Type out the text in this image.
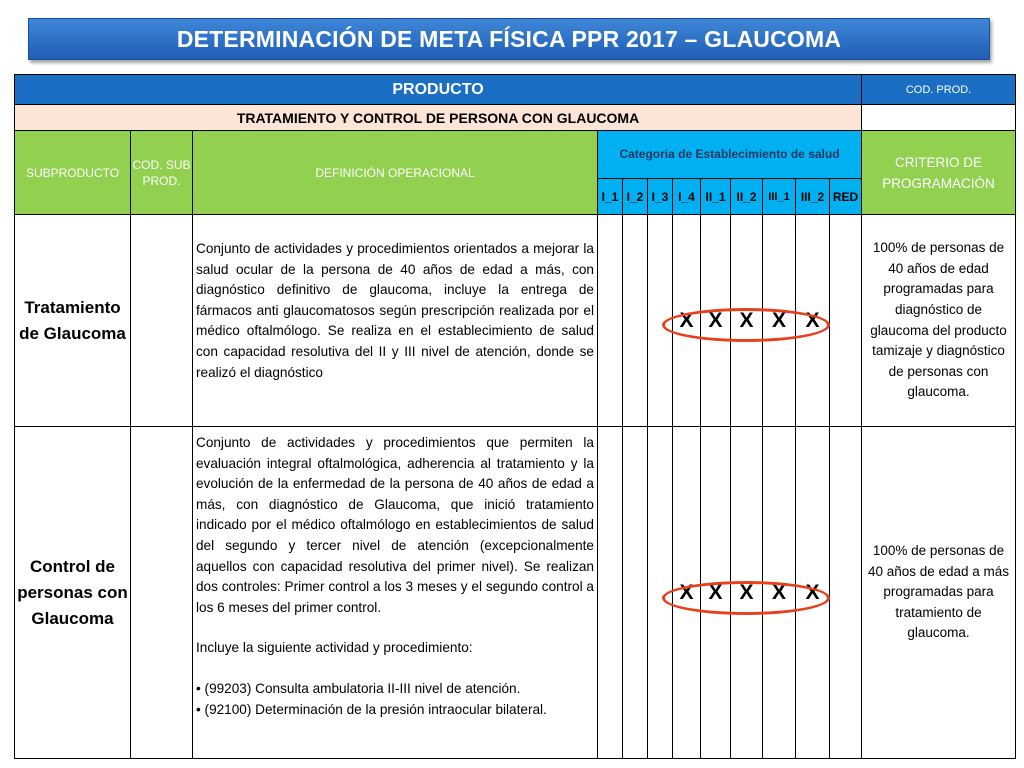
DETERMINACIÓN DE META FÍSICA PPR 2017 – GLAUCOMA
PRODUCTO												COD. PROD.
TRATAMIENTO Y CONTROL DE PERSONA CON GLAUCOMA												
SUBPRODUCTO	COD. SUB PROD.	DEFINICIÓN OPERACIONAL	Categoria de Establecimiento de salud									CRITERIO DE PROGRAMACIÓN
			I_1	I_2	I_3	I_4	II_1	II_2	III_1	III_2	RED	
Tratamiento de Glaucoma		Conjunto de actividades y procedimientos orientados a mejorar la salud ocular de la persona de 40 años de edad a más, con diagnóstico definitivo de glaucoma, incluye la entrega de fármacos anti glaucomatosos según prescripción realizada por el médico oftalmólogo. Se realiza en el establecimiento de salud con capacidad resolutiva del II y III nivel de atención, donde se realizó el diagnóstico				X	X	X	X	X		100% de personas de 40 años de edad programadas para diagnóstico de glaucoma del producto tamizaje y diagnóstico de personas con glaucoma.
Control de personas con Glaucoma		Conjunto de actividades y procedimientos que permiten la evaluación integral oftalmológica, adherencia al tratamiento y la evolución de la enfermedad de la persona de 40 años de edad a más, con diagnóstico de Glaucoma, que inició tratamiento indicado por el médico oftalmólogo en establecimientos de salud del segundo y tercer nivel de atención (excepcionalmente aquellos con capacidad resolutiva del primer nivel). Se realizan dos controles: Primer control a los 3 meses y el segundo control a los 6 meses del primer control.
Incluye la siguiente actividad y procedimiento:
• (99203) Consulta ambulatoria II-III nivel de atención.
• (92100) Determinación de la presión intraocular bilateral.				X	X	X	X	X		100% de personas de 40 años de edad a más programadas para tratamiento de glaucoma.
